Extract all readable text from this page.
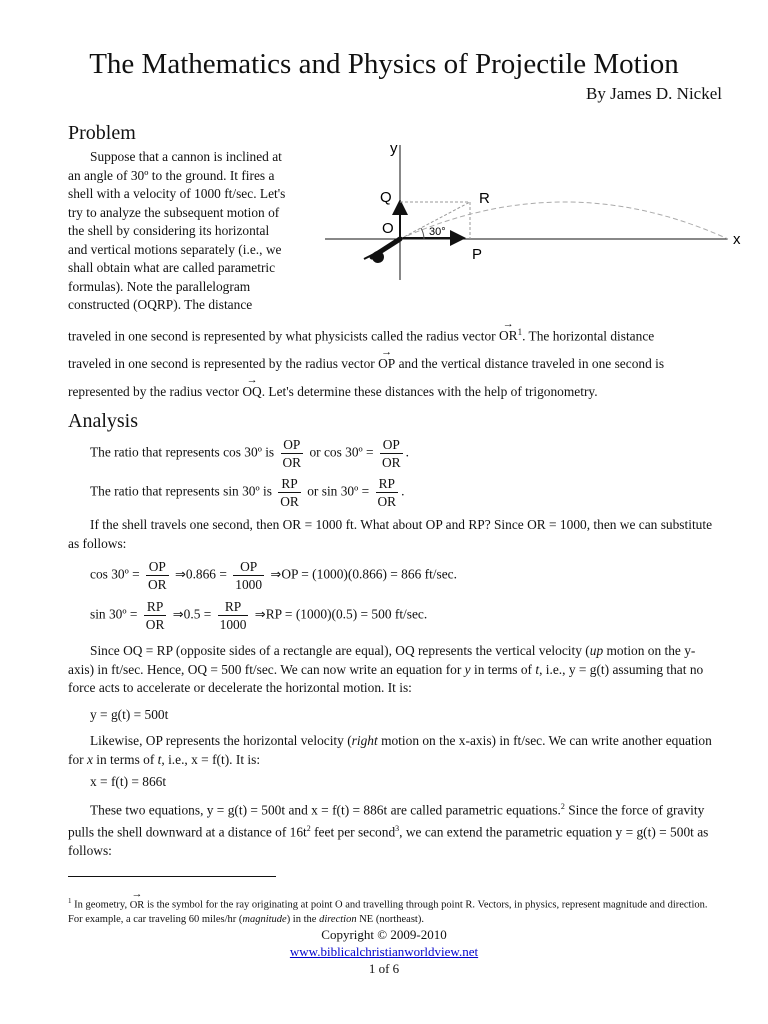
The Mathematics and Physics of Projectile Motion
By James D. Nickel
Problem
Suppose that a cannon is inclined at
an angle of 30º to the ground. It fires a
shell with a velocity of 1000 ft/sec. Let's
try to analyze the subsequent motion of
the shell by considering its horizontal
and vertical motions separately (i.e., we
shall obtain what are called parametric
formulas). Note the parallelogram
constructed (OQRP). The distance
y
x
Q	R
O
P
30°
traveled in one second is represented by what physicists called the radius vector → $OR^1$. The horizontal distance
traveled in one second is represented by the radius vector → OP and the vertical distance traveled in one second is
represented by the radius vector → OQ. Let's determine these distances with the help of trigonometry.
Analysis
The ratio that represents cos 30º is $\frac{OP}{OR}$ or cos 30º = $\frac{OP}{OR}$ .
The ratio that represents sin 30º is $\frac{RP}{OR}$ or sin 30º = $\frac{RP}{OR}$ .

If the shell travels one second, then OR = 1000 ft. What about OP and RP? Since OR = 1000, then we can substitute as follows:

cos 30º = $\frac{OP}{OR}$ ⇒0.866 = $\frac{OP}{1000}$ ⇒OP = (1000)(0.866) = 866 ft/sec.
sin 30º = $\frac{RP}{OR}$ ⇒0.5 = $\frac{RP}{1000}$ ⇒RP = (1000)(0.5) = 500 ft/sec.

Since OQ = RP (opposite sides of a rectangle are equal), OQ represents the vertical velocity (up motion on the y-axis) in ft/sec. Hence, OQ = 500 ft/sec. We can now write an equation for y in terms of t, i.e., y = g(t) assuming that no force acts to accelerate or decelerate the horizontal motion. It is:

y = g(t) = 500t

Likewise, OP represents the horizontal velocity (right motion on the x-axis) in ft/sec. We can write another equation for x in terms of t, i.e., x = f(t). It is:

x = f(t) = 866t

These two equations, y = g(t) = 500t and x = f(t) = 886t are called parametric equations.$^2$ Since the force of gravity pulls the shell downward at a distance of $16t^2$ feet per second$^3$, we can extend the parametric equation y = g(t) = 500t as follows:

$^1$ In geometry, → OR is the symbol for the ray originating at point O and travelling through point R. Vectors, in physics, represent magnitude and direction. For example, a car traveling 60 miles/hr (magnitude) in the direction NE (northeast).
Copyright © 2009-2010
www.biblicalchristianworldview.net
1 of 6
